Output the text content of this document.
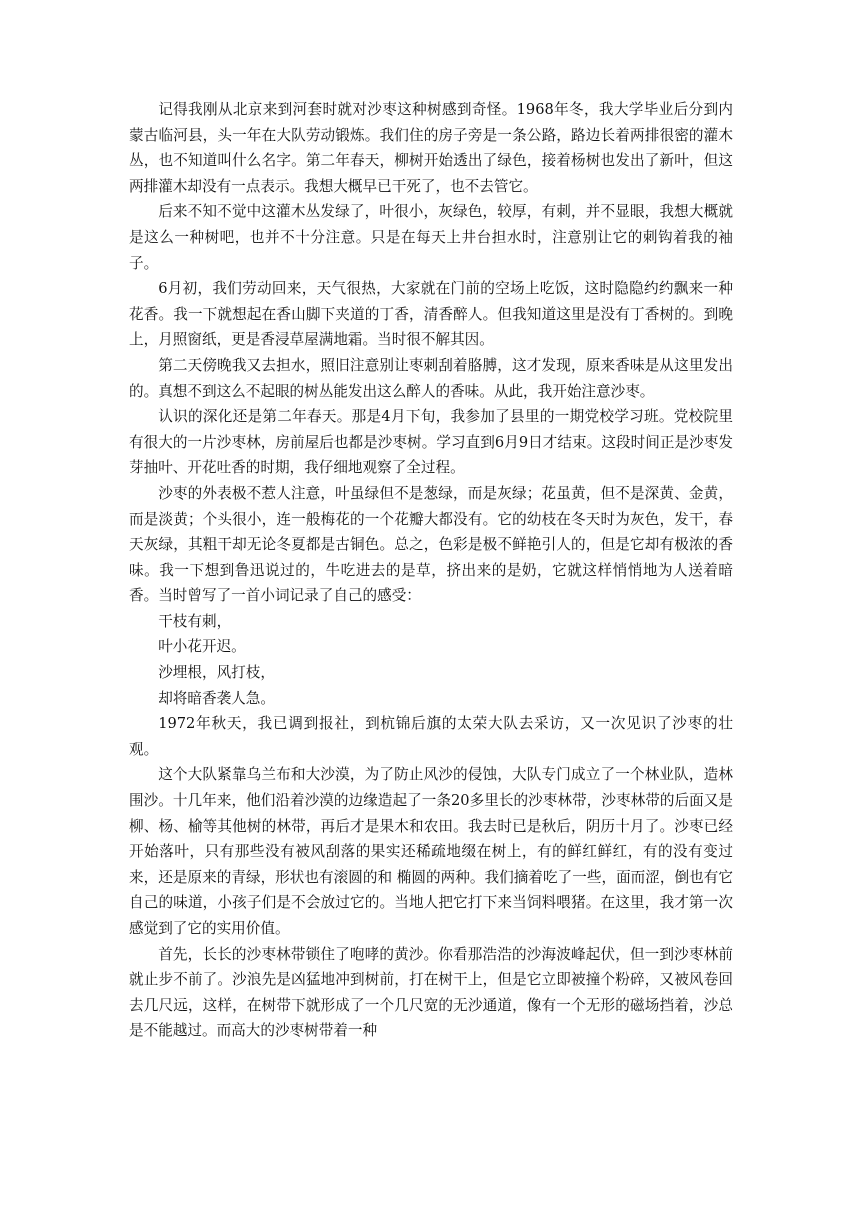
记得我刚从北京来到河套时就对沙枣这种树感到奇怪。1968年冬，我大学毕业后分到内蒙古临河县，头一年在大队劳动锻炼。我们住的房子旁是一条公路，路边长着两排很密的灌木丛，也不知道叫什么名字。第二年春天，柳树开始透出了绿色，接着杨树也发出了新叶，但这两排灌木却没有一点表示。我想大概早已干死了，也不去管它。

后来不知不觉中这灌木丛发绿了，叶很小，灰绿色，较厚，有刺，并不显眼，我想大概就是这么一种树吧，也并不十分注意。只是在每天上井台担水时，注意别让它的刺钩着我的袖子。

6月初，我们劳动回来，天气很热，大家就在门前的空场上吃饭，这时隐隐约约飘来一种花香。我一下就想起在香山脚下夹道的丁香，清香醉人。但我知道这里是没有丁香树的。到晚上，月照窗纸，更是香浸草屋满地霜。当时很不解其因。

第二天傍晚我又去担水，照旧注意别让枣刺刮着胳膊，这才发现，原来香味是从这里发出的。真想不到这么不起眼的树丛能发出这么醉人的香味。从此，我开始注意沙枣。

认识的深化还是第二年春天。那是4月下旬，我参加了县里的一期党校学习班。党校院里有很大的一片沙枣林，房前屋后也都是沙枣树。学习直到6月9日才结束。这段时间正是沙枣发芽抽叶、开花吐香的时期，我仔细地观察了全过程。

沙枣的外表极不惹人注意，叶虽绿但不是葱绿，而是灰绿；花虽黄，但不是深黄、金黄，而是淡黄；个头很小，连一般梅花的一个花瓣大都没有。它的幼枝在冬天时为灰色，发干，春天灰绿，其粗干却无论冬夏都是古铜色。总之，色彩是极不鲜艳引人的，但是它却有极浓的香味。我一下想到鲁迅说过的，牛吃进去的是草，挤出来的是奶，它就这样悄悄地为人送着暗香。当时曾写了一首小词记录了自己的感受：

干枝有刺，

叶小花开迟。

沙埋根，风打枝，

却将暗香袭人急。

1972年秋天，我已调到报社，到杭锦后旗的太荣大队去采访，又一次见识了沙枣的壮观。

这个大队紧靠乌兰布和大沙漠，为了防止风沙的侵蚀，大队专门成立了一个林业队，造林围沙。十几年来，他们沿着沙漠的边缘造起了一条20多里长的沙枣林带，沙枣林带的后面又是柳、杨、榆等其他树的林带，再后才是果木和农田。我去时已是秋后，阴历十月了。沙枣已经开始落叶，只有那些没有被风刮落的果实还稀疏地缀在树上，有的鲜红鲜红，有的没有变过来，还是原来的青绿，形状也有滚圆的和 椭圆的两种。我们摘着吃了一些，面而涩，倒也有它自己的味道，小孩子们是不会放过它的。当地人把它打下来当饲料喂猪。在这里，我才第一次感觉到了它的实用价值。

首先，长长的沙枣林带锁住了咆哮的黄沙。你看那浩浩的沙海波峰起伏，但一到沙枣林前就止步不前了。沙浪先是凶猛地冲到树前，打在树干上，但是它立即被撞个粉碎，又被风卷回去几尺远，这样，在树带下就形成了一个几尺宽的无沙通道，像有一个无形的磁场挡着，沙总是不能越过。而高大的沙枣树带着一种
